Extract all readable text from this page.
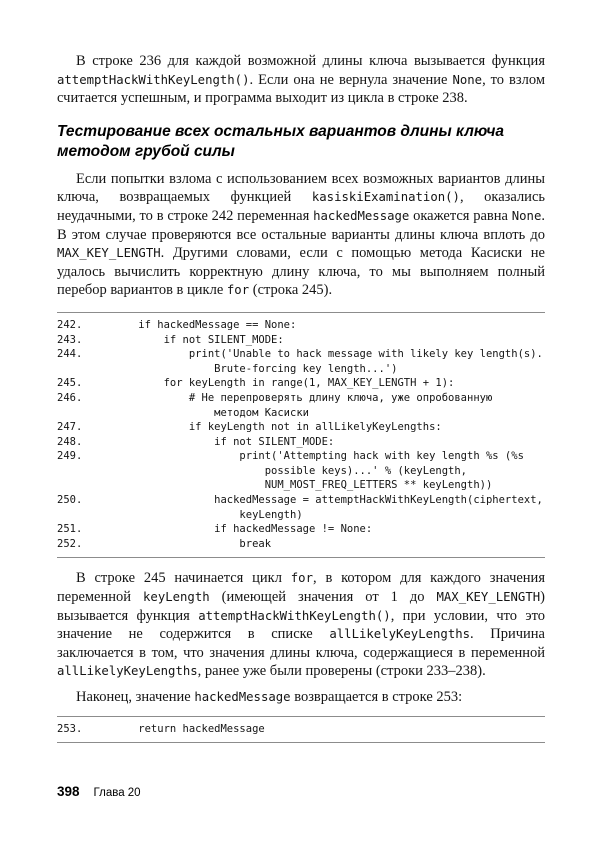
В строке 236 для каждой возможной длины ключа вызывается функция attemptHackWithKeyLength(). Если она не вернула значение None, то взлом считается успешным, и программа выходит из цикла в строке 238.

Тестирование всех остальных вариантов длины ключа методом грубой силы

Если попытки взлома с использованием всех возможных вариантов длины ключа, возвращаемых функцией kasiskiExamination(), оказались неудачными, то в строке 242 переменная hackedMessage окажется равна None. В этом случае проверяются все остальные варианты длины ключа вплоть до MAX_KEY_LENGTH. Другими словами, если с помощью метода Касиски не удалось вычислить корректную длину ключа, то мы выполняем полный перебор вариантов в цикле for (строка 245).

242.	if hackedMessage == None:
243.	if not SILENT_MODE:
244.	print('Unable to hack message with likely key length(s).
Brute-forcing key length...')
245.	for keyLength in range(1, MAX_KEY_LENGTH + 1):
246.	# Не перепроверять длину ключа, уже опробованную
методом Касиски
247.	if keyLength not in allLikelyKeyLengths:
248.	if not SILENT_MODE:
249.	print('Attempting hack with key length %s (%s
possible keys)...' % (keyLength,
NUM_MOST_FREQ_LETTERS ** keyLength))
250.	hackedMessage = attemptHackWithKeyLength(ciphertext,
keyLength)
251.	if hackedMessage != None:
252.	break

В строке 245 начинается цикл for, в котором для каждого значения переменной keyLength (имеющей значения от 1 до MAX_KEY_LENGTH) вызывается функция attemptHackWithKeyLength(), при условии, что это значение не содержится в списке allLikelyKeyLengths. Причина заключается в том, что значения длины ключа, содержащиеся в переменной allLikelyKeyLengths, ранее уже были проверены (строки 233–238).

Наконец, значение hackedMessage возвращается в строке 253:

253.	return hackedMessage
398 Глава 20
